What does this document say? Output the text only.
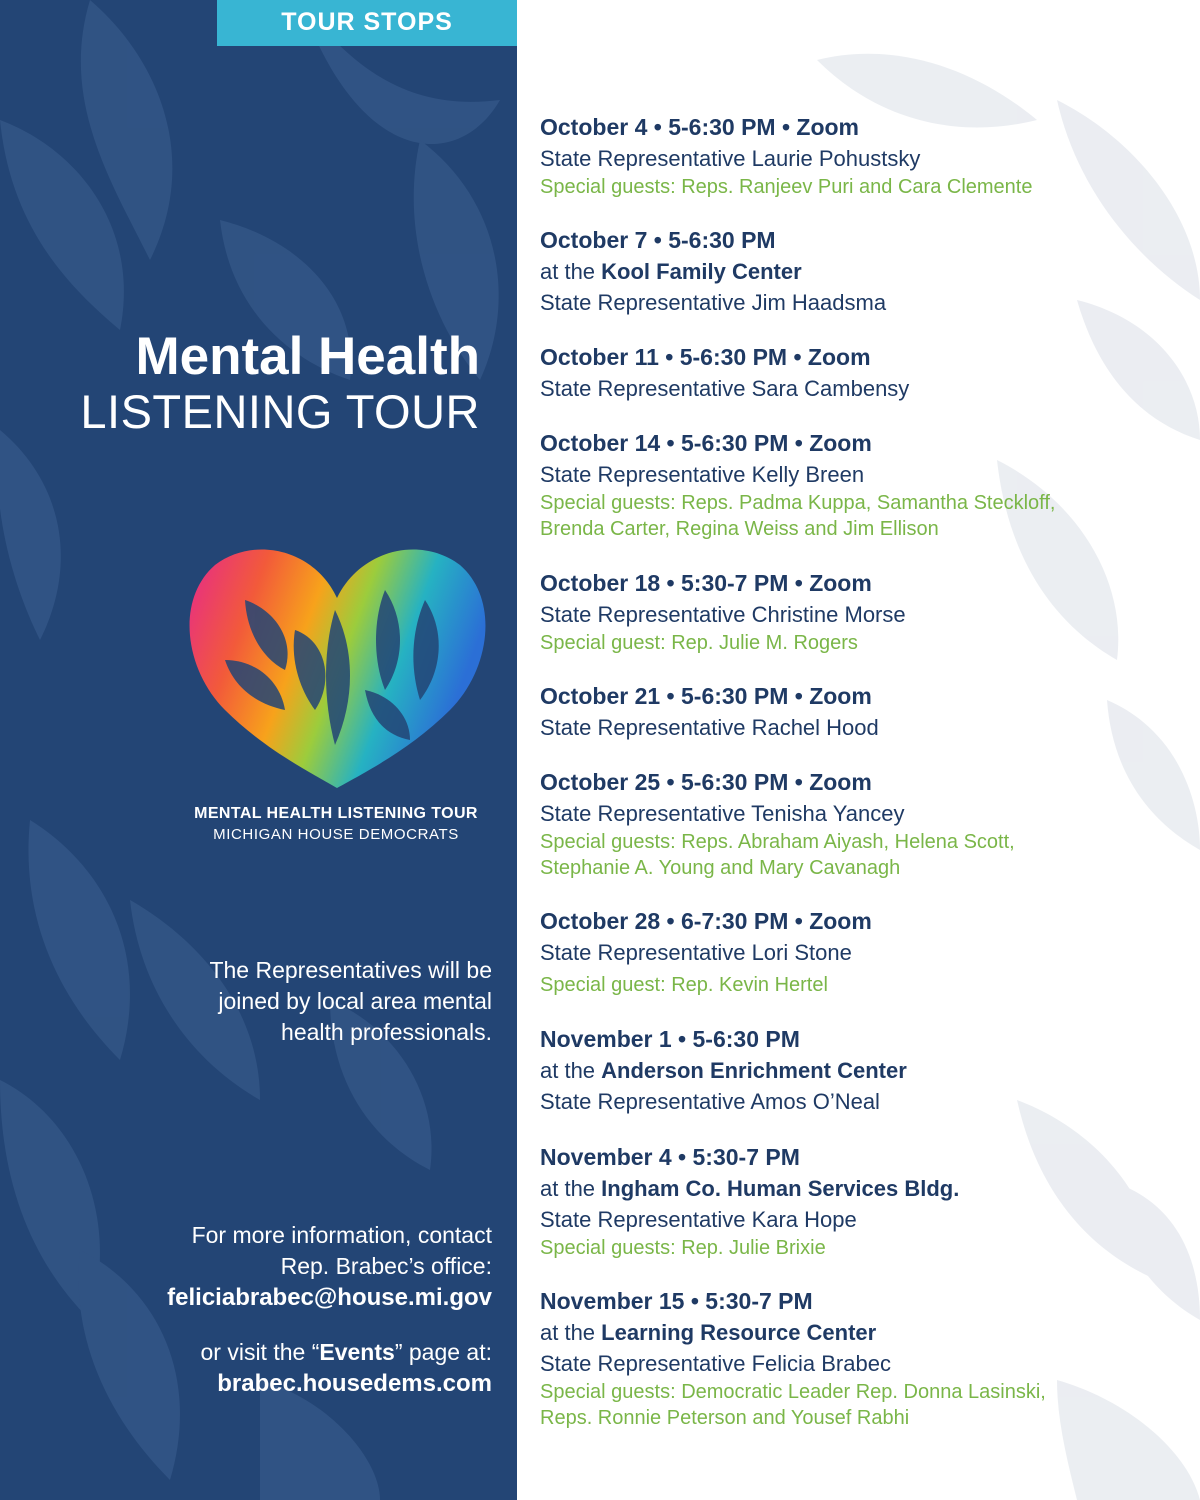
TOUR STOPS
Mental Health
LISTENING TOUR
MENTAL HEALTH LISTENING TOUR
MICHIGAN HOUSE DEMOCRATS
The Representatives will be
joined by local area mental
health professionals.
For more information, contact
Rep. Brabec’s office:
feliciabrabec@house.mi.gov
or visit the “Events” page at:
brabec.housedems.com
October 4 • 5-6:30 PM • Zoom
State Representative Laurie Pohustsky
Special guests: Reps. Ranjeev Puri and Cara Clemente
October 7 • 5-6:30 PM
at the Kool Family Center
State Representative Jim Haadsma
October 11 • 5-6:30 PM • Zoom
State Representative Sara Cambensy
October 14 • 5-6:30 PM • Zoom
State Representative Kelly Breen
Special guests: Reps. Padma Kuppa, Samantha Steckloff,
Brenda Carter, Regina Weiss and Jim Ellison
October 18 • 5:30-7 PM • Zoom
State Representative Christine Morse
Special guest: Rep. Julie M. Rogers
October 21 • 5-6:30 PM • Zoom
State Representative Rachel Hood
October 25 • 5-6:30 PM • Zoom
State Representative Tenisha Yancey
Special guests: Reps. Abraham Aiyash, Helena Scott,
Stephanie A. Young and Mary Cavanagh
October 28 • 6-7:30 PM • Zoom
State Representative Lori Stone
Special guest: Rep. Kevin Hertel
November 1 • 5-6:30 PM
at the Anderson Enrichment Center
State Representative Amos O’Neal
November 4 • 5:30-7 PM
at the Ingham Co. Human Services Bldg.
State Representative Kara Hope
Special guests: Rep. Julie Brixie
November 15 • 5:30-7 PM
at the Learning Resource Center
State Representative Felicia Brabec
Special guests: Democratic Leader Rep. Donna Lasinski,
Reps. Ronnie Peterson and Yousef Rabhi
